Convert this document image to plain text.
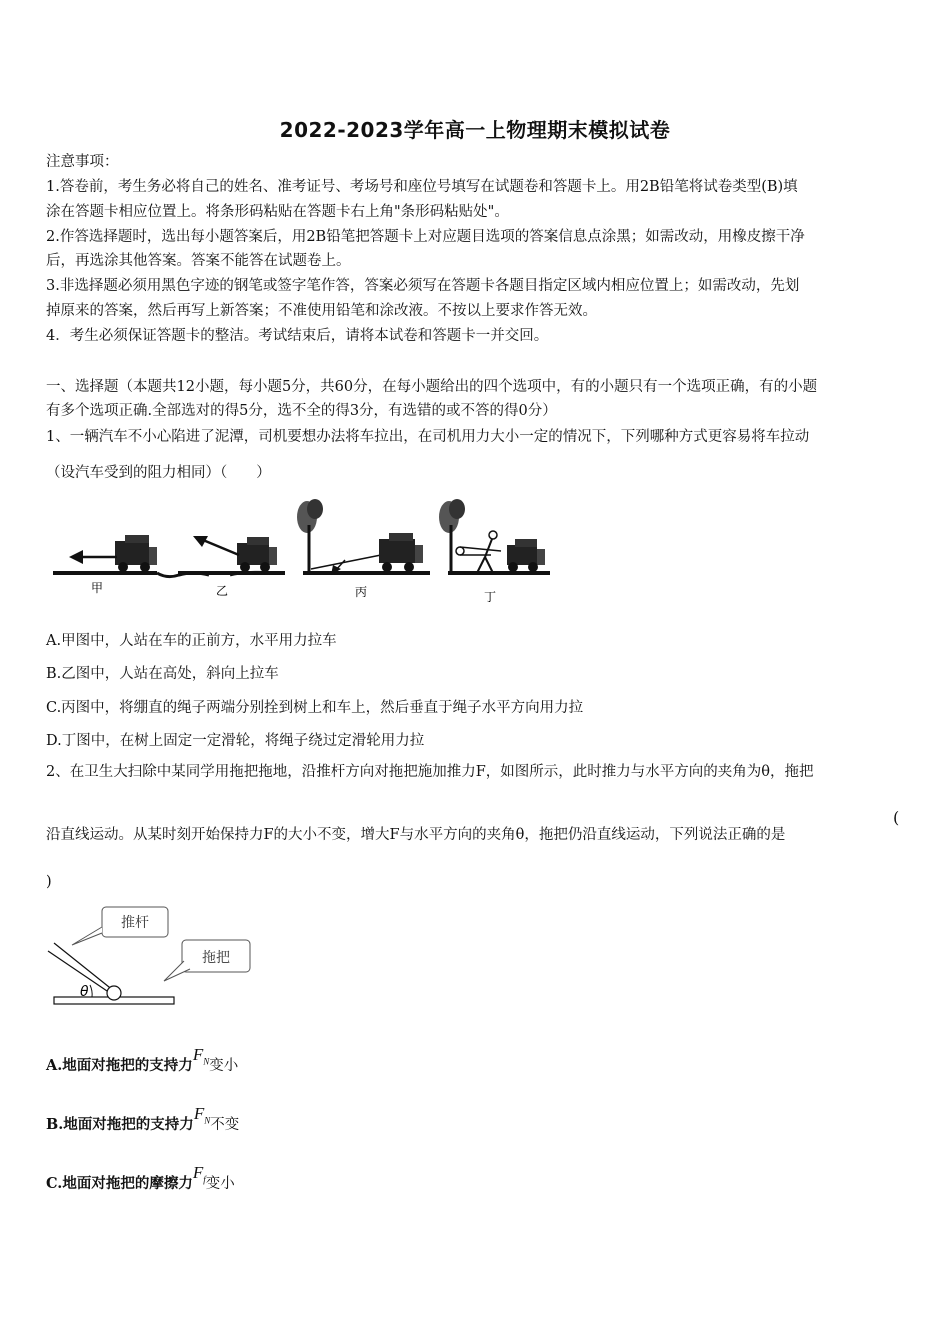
2022-2023学年高一上物理期末模拟试卷
注意事项：
1.答卷前，考生务必将自己的姓名、准考证号、考场号和座位号填写在试题卷和答题卡上。用2B铅笔将试卷类型(B)填
涂在答题卡相应位置上。将条形码粘贴在答题卡右上角"条形码粘贴处"。
2.作答选择题时，选出每小题答案后，用2B铅笔把答题卡上对应题目选项的答案信息点涂黑；如需改动，用橡皮擦干净
后，再选涂其他答案。答案不能答在试题卷上。
3.非选择题必须用黑色字迹的钢笔或签字笔作答，答案必须写在答题卡各题目指定区域内相应位置上；如需改动，先划
掉原来的答案，然后再写上新答案；不准使用铅笔和涂改液。不按以上要求作答无效。
4．考生必须保证答题卡的整洁。考试结束后，请将本试卷和答题卡一并交回。
一、选择题（本题共12小题，每小题5分，共60分，在每小题给出的四个选项中，有的小题只有一个选项正确，有的小题
有多个选项正确.全部选对的得5分，选不全的得3分，有选错的或不答的得0分）
1、一辆汽车不小心陷进了泥潭，司机要想办法将车拉出，在司机用力大小一定的情况下，下列哪种方式更容易将车拉动
（设汽车受到的阻力相同）（　　）
甲	乙	丙	丁
A.甲图中，人站在车的正前方，水平用力拉车
B.乙图中，人站在高处，斜向上拉车
C.丙图中，将绷直的绳子两端分别拴到树上和车上，然后垂直于绳子水平方向用力拉
D.丁图中，在树上固定一定滑轮，将绳子绕过定滑轮用力拉
2、在卫生大扫除中某同学用拖把拖地，沿推杆方向对拖把施加推力F，如图所示，此时推力与水平方向的夹角为θ，拖把
沿直线运动。从某时刻开始保持力F的大小不变，增大F与水平方向的夹角θ，拖把仍沿直线运动，下列说法正确的是
(
)
θ
推杆
拖把
A.地面对拖把的支持力$F_N$变小
B.地面对拖把的支持力$F_N$不变
C.地面对拖把的摩擦力$F_f$变小
